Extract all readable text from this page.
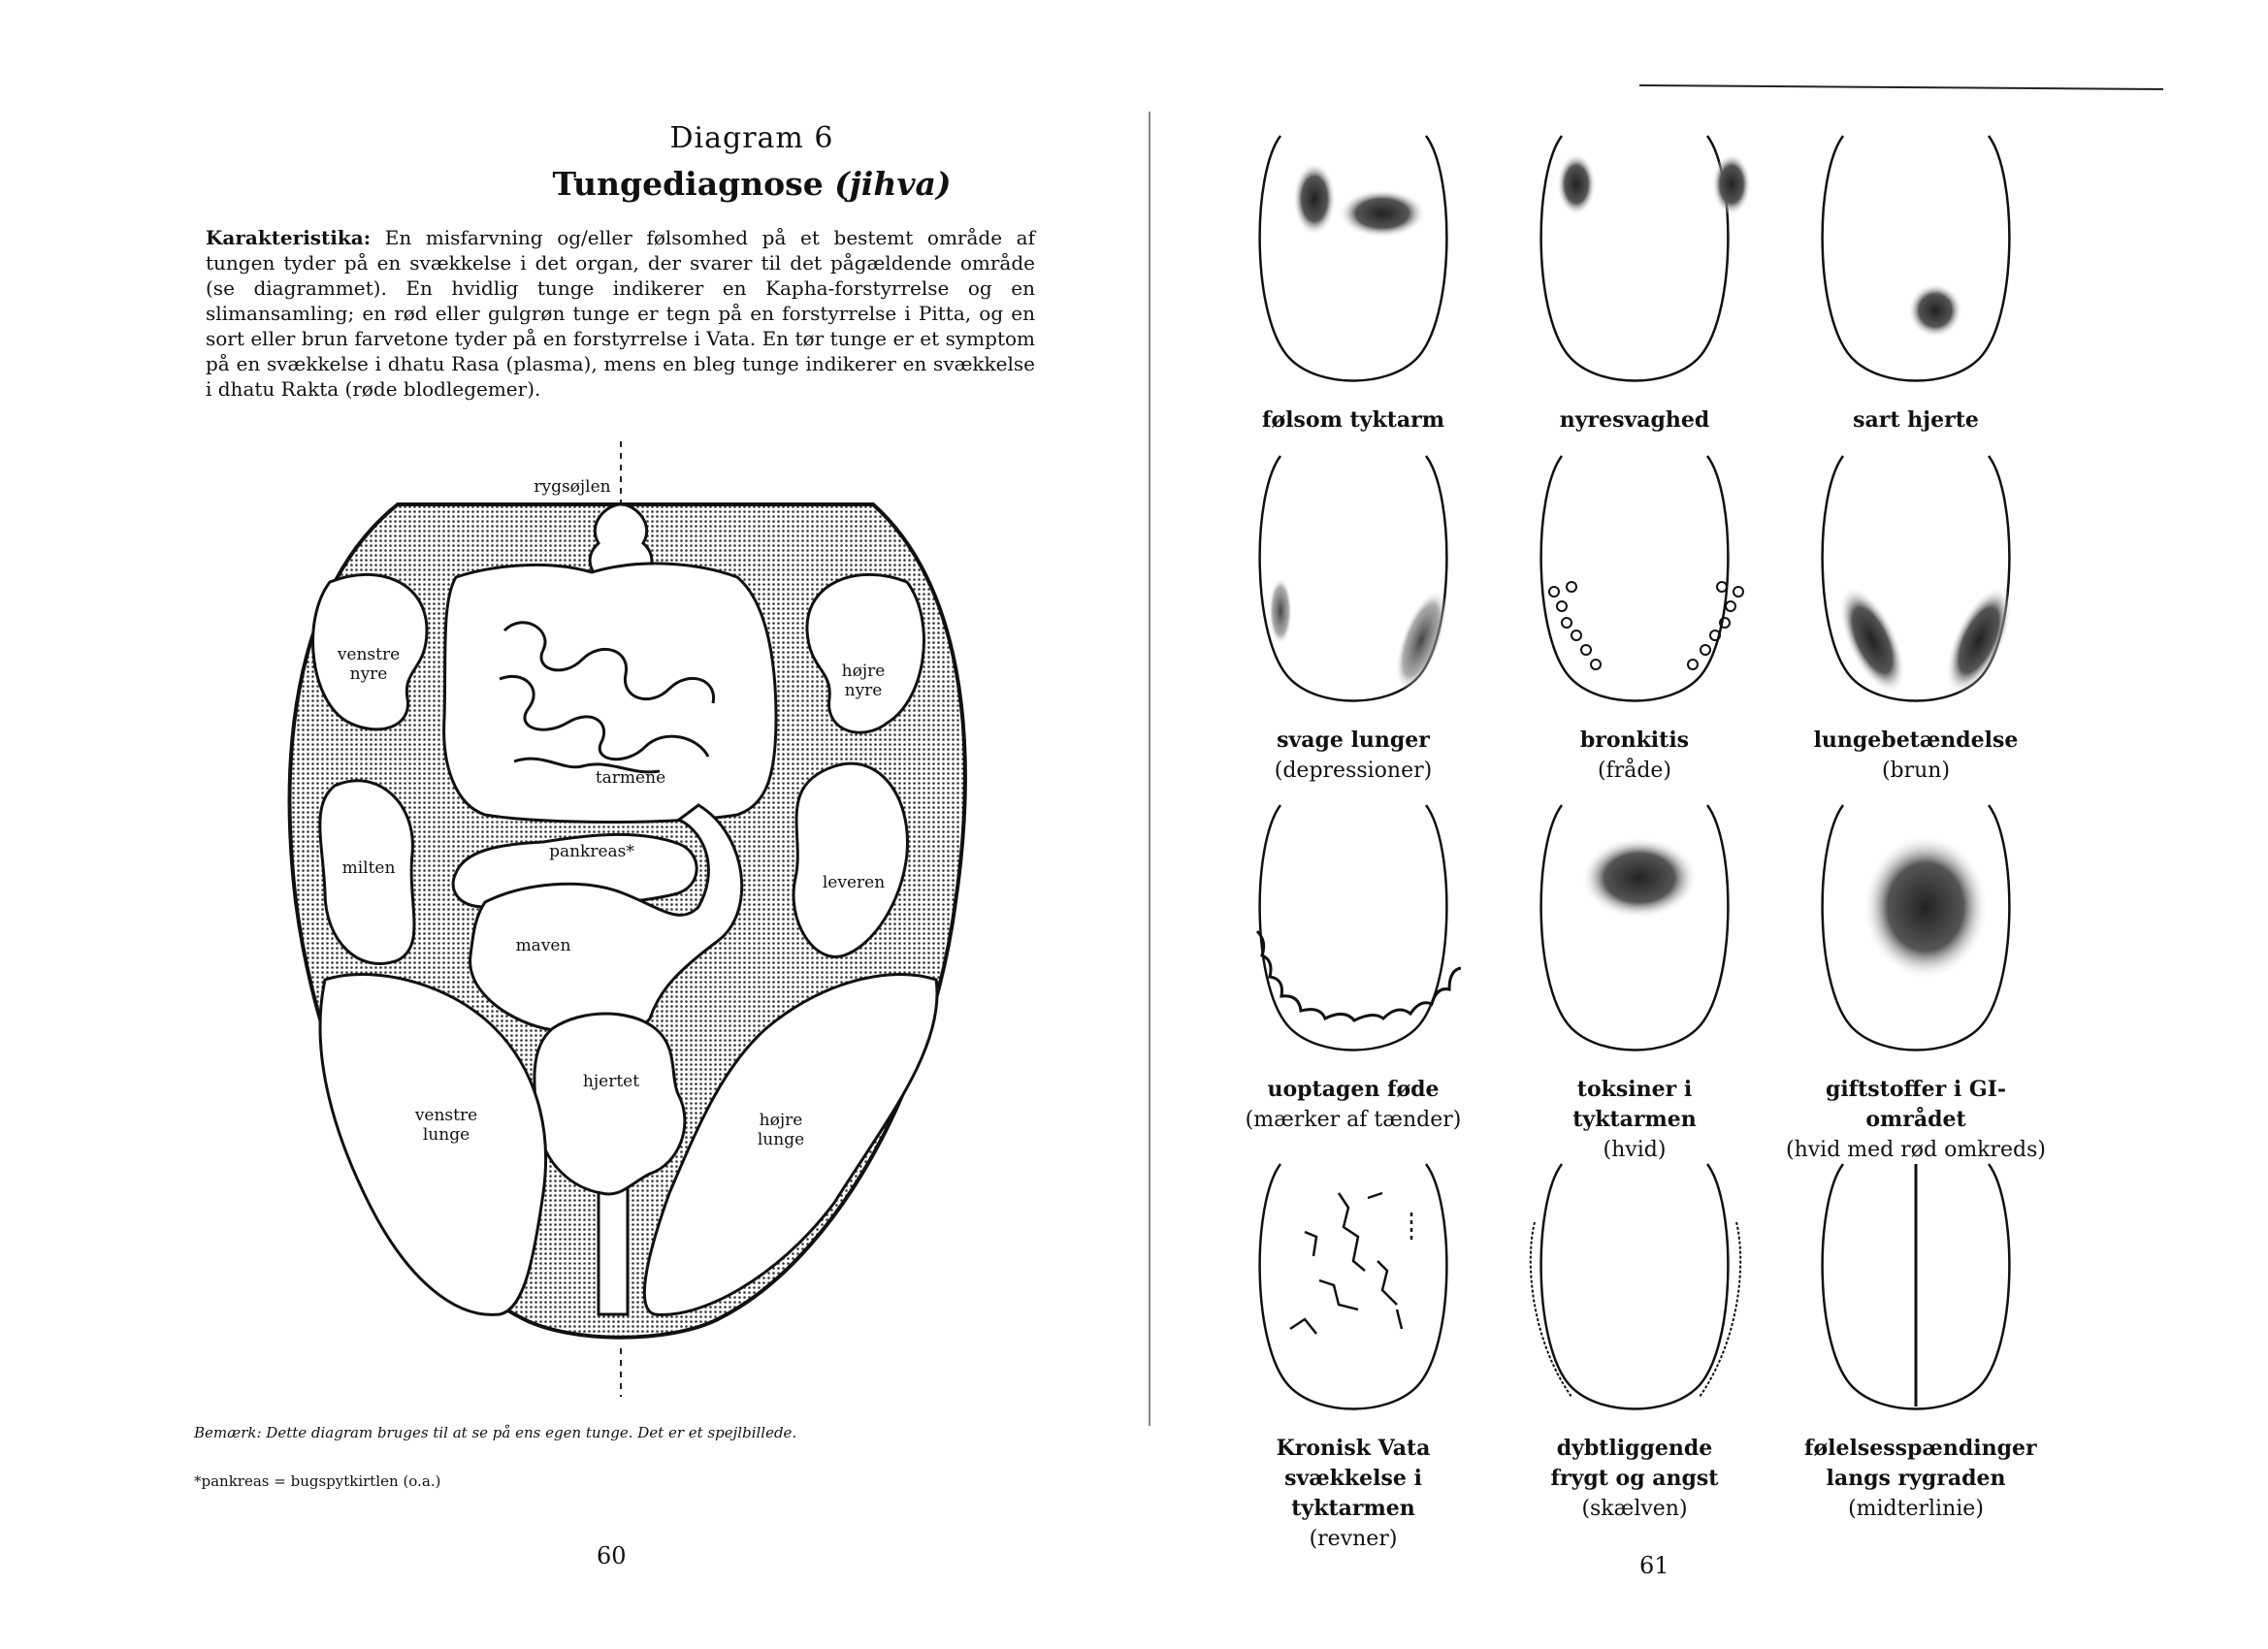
Diagram 6
Tungediagnose (jihva)
Karakteristika: En misfarvning og/eller følsomhed på et bestemt område af tungen tyder på en svækkelse i det organ, der svarer til det pågældende område (se diagrammet). En hvidlig tunge indikerer en Kapha-forstyrrelse og en slimansamling; en rød eller gulgrøn tunge er tegn på en forstyrrelse i Pitta, og en sort eller brun farvetone tyder på en forstyrrelse i Vata. En tør tunge er et symptom på en svækkelse i dhatu Rasa (plasma), mens en bleg tunge indikerer en svækkelse i dhatu Rakta (røde blodlegemer).
rygsøjlen
venstre nyre	højre nyre
tarmene
pankreas*
milten
leveren
maven
hjertet
venstre lunge
højre lunge
Bemærk: Dette diagram bruges til at se på ens egen tunge. Det er et spejlbillede.
*pankreas = bugspytkirtlen (o.a.)
60
følsom tyktarm	nyresvaghed	sart hjerte
svage lunger
(depressioner)
bronkitis
(fråde)
lungebetændelse
(brun)
uoptagen føde
(mærker af tænder)
toksiner i tyktarmen
(hvid)
giftstoffer i GI-området
(hvid med rød omkreds)
Kronisk Vata svækkelse i tyktarmen
(revner)
dybtliggende frygt og angst
(skælven)
følelsesspændinger langs rygraden
(midterlinie)
61
